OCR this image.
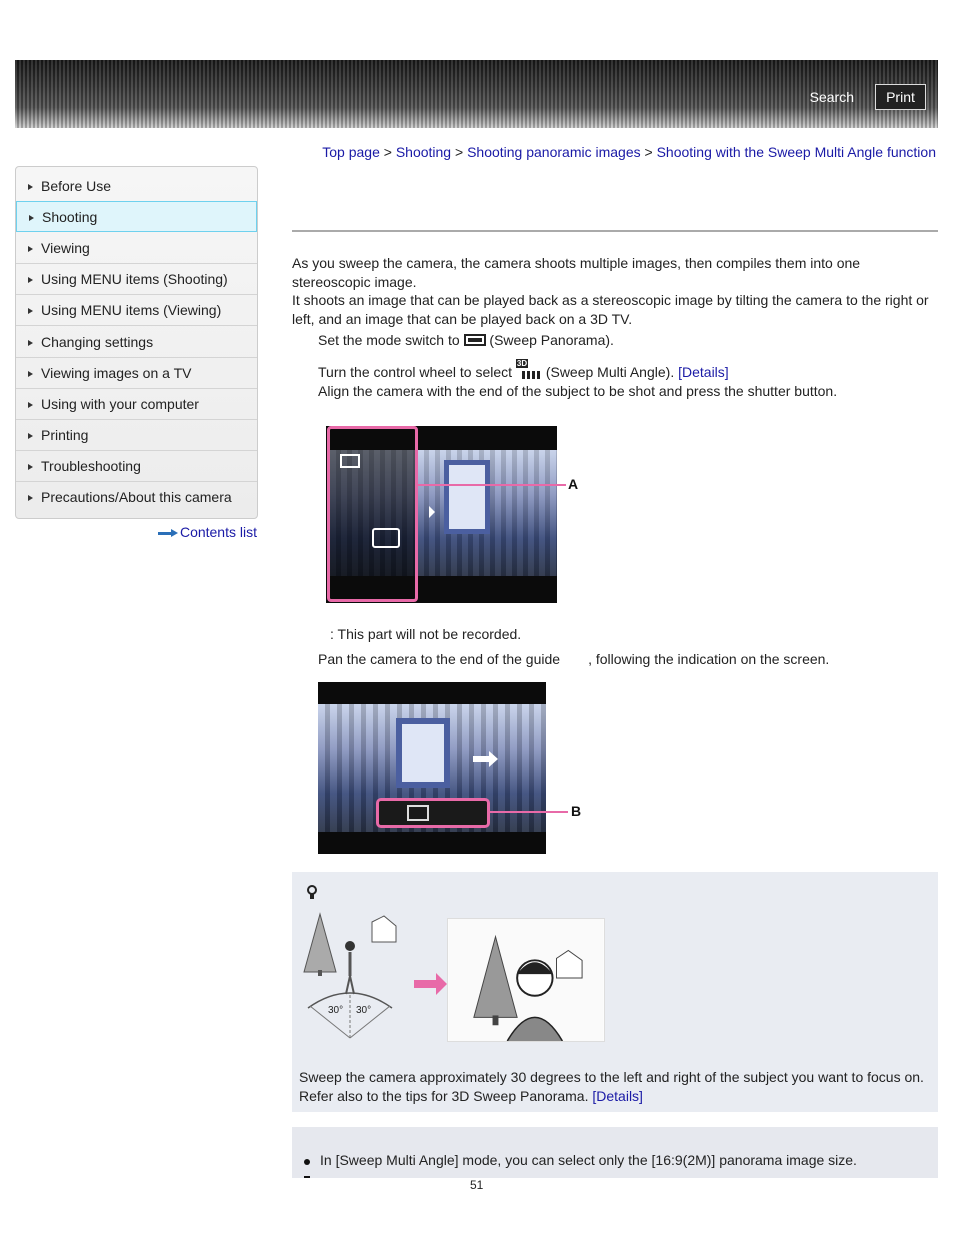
Search	Print
Top page > Shooting > Shooting panoramic images > Shooting with the Sweep Multi Angle function
Before Use
Shooting
Viewing
Using MENU items (Shooting)
Using MENU items (Viewing)
Changing settings
Viewing images on a TV
Using with your computer
Printing
Troubleshooting
Precautions/About this camera
Contents list
As you sweep the camera, the camera shoots multiple images, then compiles them into one stereoscopic image.
It shoots an image that can be played back as a stereoscopic image by tilting the camera to the right or left, and an image that can be played back on a 3D TV.
Set the mode switch to (Sweep Panorama).
Turn the control wheel to select
3D
(Sweep Multi Angle). [Details]
Align the camera with the end of the subject to be shot and press the shutter button.
A
: This part will not be recorded.
Pan the camera to the end of the guide , following the indication on the screen.
B
30° 30°
Sweep the camera approximately 30 degrees to the left and right of the subject you want to focus on.
Refer also to the tips for 3D Sweep Panorama. [Details]
In [Sweep Multi Angle] mode, you can select only the [16:9(2M)] panorama image size.
51
